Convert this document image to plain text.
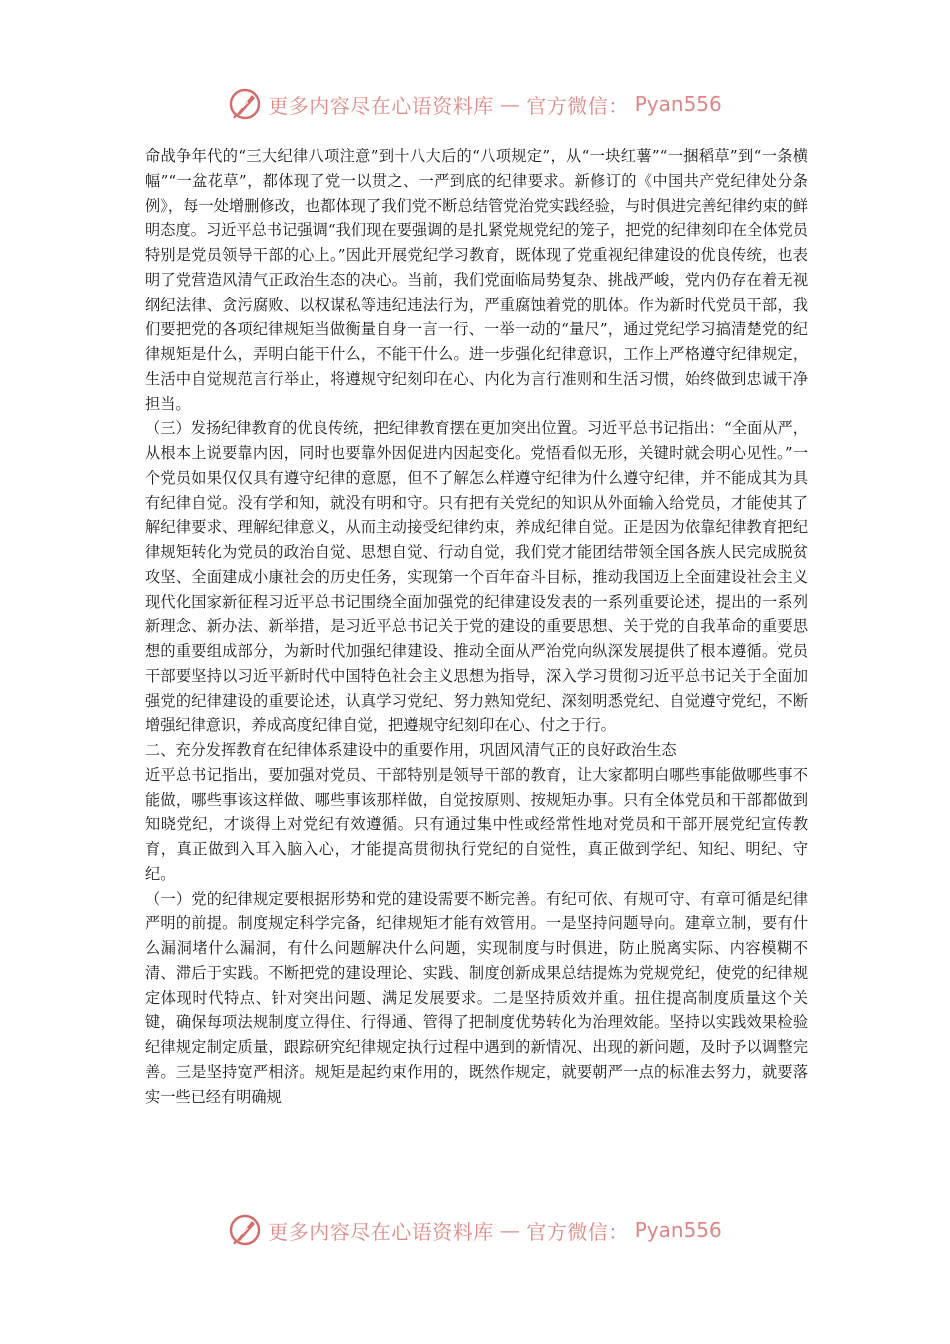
更多内容尽在心语资料库 — 官方微信： Pyan556

命战争年代的“三大纪律八项注意”到十八大后的“八项规定”，从“一块红薯”“一捆稻草”到“一条横幅”“一盆花草”，都体现了党一以贯之、一严到底的纪律要求。新修订的《中国共产党纪律处分条例》，每一处增删修改，也都体现了我们党不断总结管党治党实践经验，与时俱进完善纪律约束的鲜明态度。习近平总书记强调“我们现在要强调的是扎紧党规党纪的笼子，把党的纪律刻印在全体党员特别是党员领导干部的心上。”因此开展党纪学习教育，既体现了党重视纪律建设的优良传统，也表明了党营造风清气正政治生态的决心。当前，我们党面临局势复杂、挑战严峻，党内仍存在着无视纲纪法律、贪污腐败、以权谋私等违纪违法行为，严重腐蚀着党的肌体。作为新时代党员干部，我们要把党的各项纪律规矩当做衡量自身一言一行、一举一动的“量尺”，通过党纪学习搞清楚党的纪律规矩是什么，弄明白能干什么，不能干什么。进一步强化纪律意识，工作上严格遵守纪律规定，生活中自觉规范言行举止，将遵规守纪刻印在心、内化为言行准则和生活习惯，始终做到忠诚干净担当。

（三）发扬纪律教育的优良传统，把纪律教育摆在更加突出位置。习近平总书记指出：“全面从严，从根本上说要靠内因，同时也要靠外因促进内因起变化。党悟看似无形，关键时就会明心见性。”一个党员如果仅仅具有遵守纪律的意愿，但不了解怎么样遵守纪律为什么遵守纪律，并不能成其为具有纪律自觉。没有学和知，就没有明和守。只有把有关党纪的知识从外面输入给党员，才能使其了解纪律要求、理解纪律意义，从而主动接受纪律约束，养成纪律自觉。正是因为依靠纪律教育把纪律规矩转化为党员的政治自觉、思想自觉、行动自觉，我们党才能团结带领全国各族人民完成脱贫攻坚、全面建成小康社会的历史任务，实现第一个百年奋斗目标，推动我国迈上全面建设社会主义现代化国家新征程习近平总书记围绕全面加强党的纪律建设发表的一系列重要论述，提出的一系列新理念、新办法、新举措，是习近平总书记关于党的建设的重要思想、关于党的自我革命的重要思想的重要组成部分，为新时代加强纪律建设、推动全面从严治党向纵深发展提供了根本遵循。党员干部要坚持以习近平新时代中国特色社会主义思想为指导，深入学习贯彻习近平总书记关于全面加强党的纪律建设的重要论述，认真学习党纪、努力熟知党纪、深刻明悉党纪、自觉遵守党纪，不断增强纪律意识，养成高度纪律自觉，把遵规守纪刻印在心、付之于行。

二、充分发挥教育在纪律体系建设中的重要作用，巩固风清气正的良好政治生态

近平总书记指出，要加强对党员、干部特别是领导干部的教育，让大家都明白哪些事能做哪些事不能做，哪些事该这样做、哪些事该那样做，自觉按原则、按规矩办事。只有全体党员和干部都做到知晓党纪，才谈得上对党纪有效遵循。只有通过集中性或经常性地对党员和干部开展党纪宣传教育，真正做到入耳入脑入心，才能提高贯彻执行党纪的自觉性，真正做到学纪、知纪、明纪、守纪。

（一）党的纪律规定要根据形势和党的建设需要不断完善。有纪可依、有规可守、有章可循是纪律严明的前提。制度规定科学完备，纪律规矩才能有效管用。一是坚持问题导向。建章立制，要有什么漏洞堵什么漏洞，有什么问题解决什么问题，实现制度与时俱进，防止脱离实际、内容模糊不清、滞后于实践。不断把党的建设理论、实践、制度创新成果总结提炼为党规党纪，使党的纪律规定体现时代特点、针对突出问题、满足发展要求。二是坚持质效并重。扭住提高制度质量这个关键，确保每项法规制度立得住、行得通、管得了把制度优势转化为治理效能。坚持以实践效果检验纪律规定制定质量，跟踪研究纪律规定执行过程中遇到的新情况、出现的新问题，及时予以调整完善。三是坚持宽严相济。规矩是起约束作用的，既然作规定，就要朝严一点的标准去努力，就要落实一些已经有明确规

更多内容尽在心语资料库 — 官方微信： Pyan556
